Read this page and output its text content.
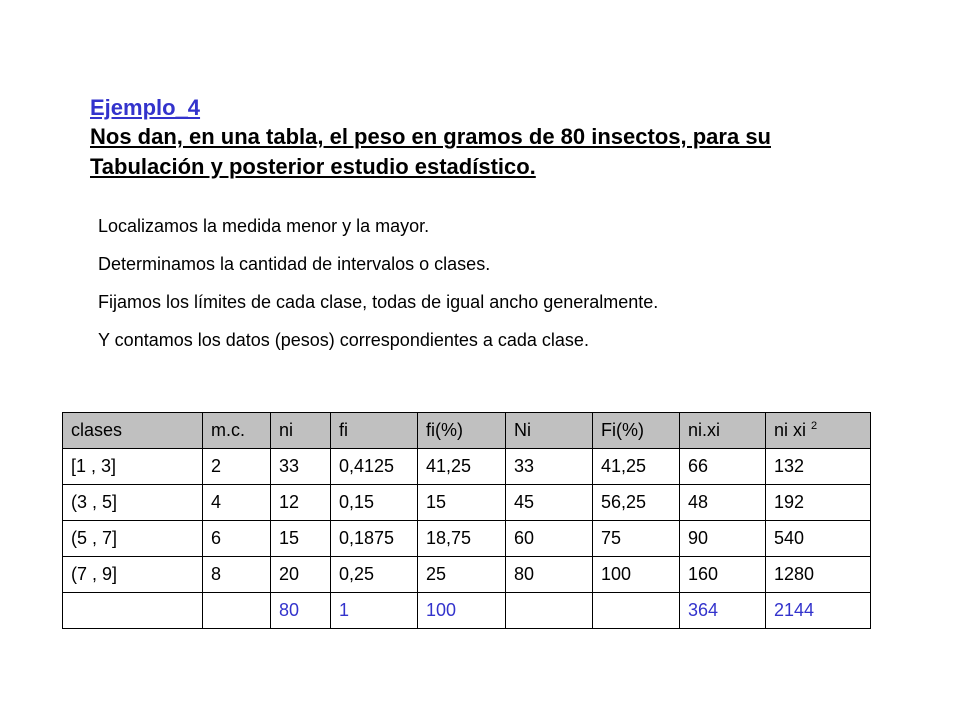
Ejemplo_4
Nos dan, en una tabla, el peso en gramos de 80 insectos, para su
Tabulación y posterior estudio estadístico.
Localizamos la medida menor y la mayor.
Determinamos la cantidad de intervalos o clases.
Fijamos los límites de cada clase, todas de igual ancho generalmente.
Y contamos los datos (pesos) correspondientes a cada clase.
clases	m.c.	ni	fi	fi(%)	Ni	Fi(%)	ni.xi	ni xi $^2$
[1 , 3]	2	33	0,4125	41,25	33	41,25	66	132
(3 , 5]	4	12	0,15	15	45	56,25	48	192
(5 , 7]	6	15	0,1875	18,75	60	75	90	540
(7 , 9]	8	20	0,25	25	80	100	160	1280
		80	1	100			364	2144
